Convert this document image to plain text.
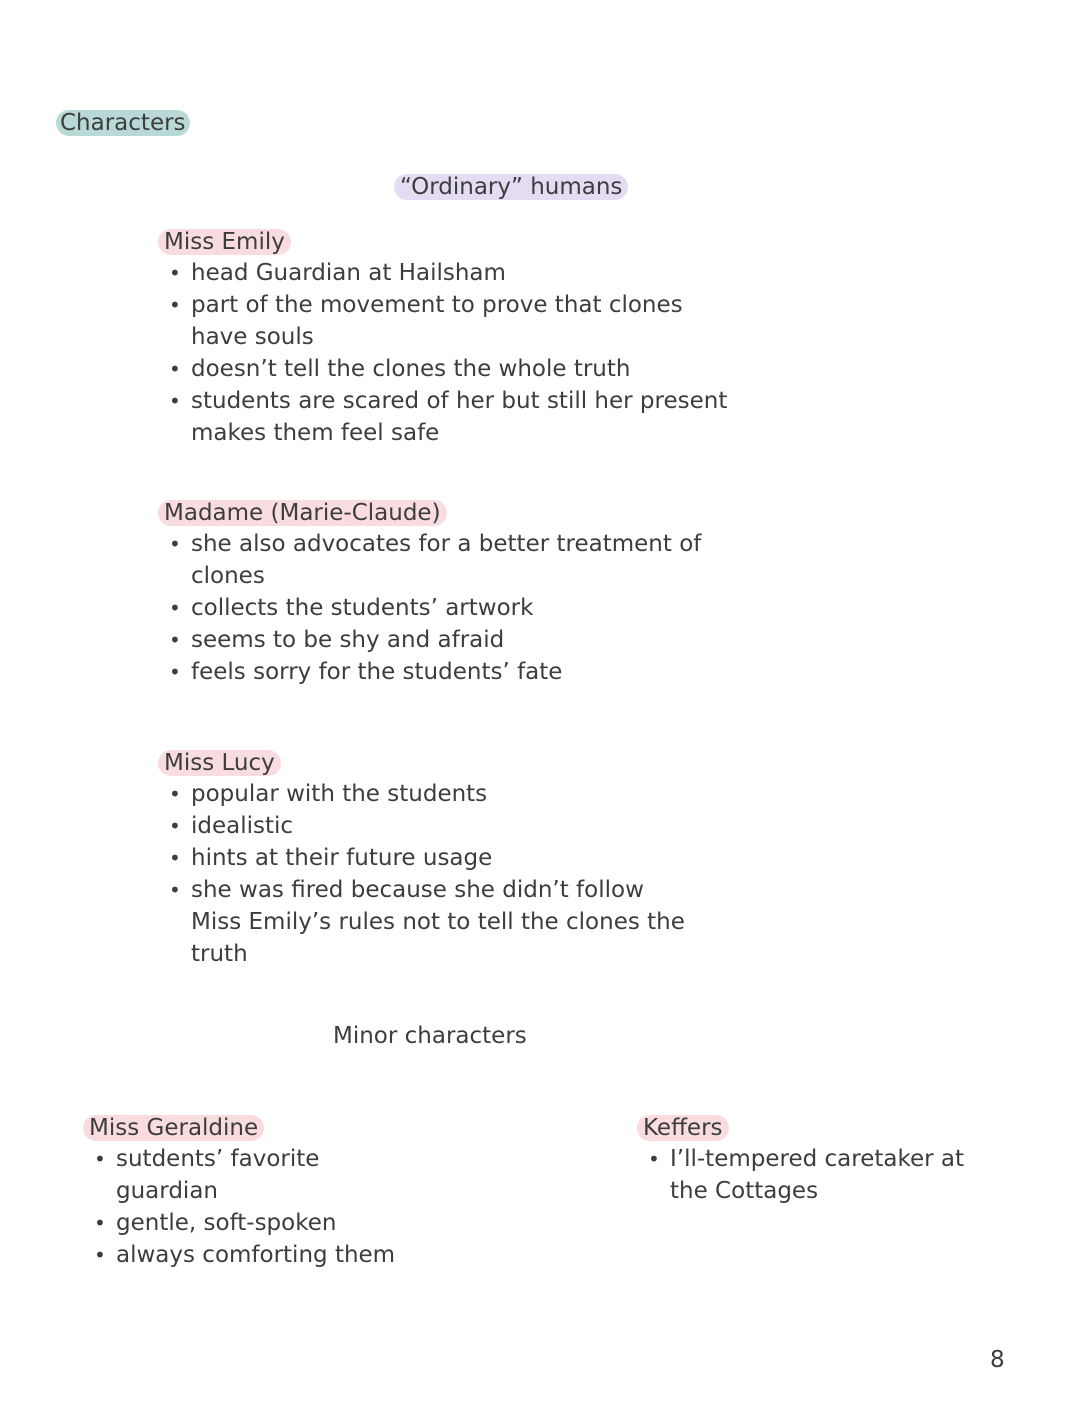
Characters
“Ordinary” humans
Miss Emily
• head Guardian at Hailsham
• part of the movement to prove that clones have souls
• doesn’t tell the clones the whole truth
• students are scared of her but still her present makes them feel safe
Madame (Marie-Claude)
• she also advocates for a better treatment of clones
• collects the students’ artwork
• seems to be shy and afraid
• feels sorry for the students’ fate
Miss Lucy
• popular with the students
• idealistic
• hints at their future usage
• she was fired because she didn’t follow Miss Emily’s rules not to tell the clones the truth
Minor characters
Miss Geraldine
• sutdents’ favorite guardian
• gentle, soft-spoken
• always comforting them
Keffers
• I’ll-tempered caretaker at the Cottages
8
